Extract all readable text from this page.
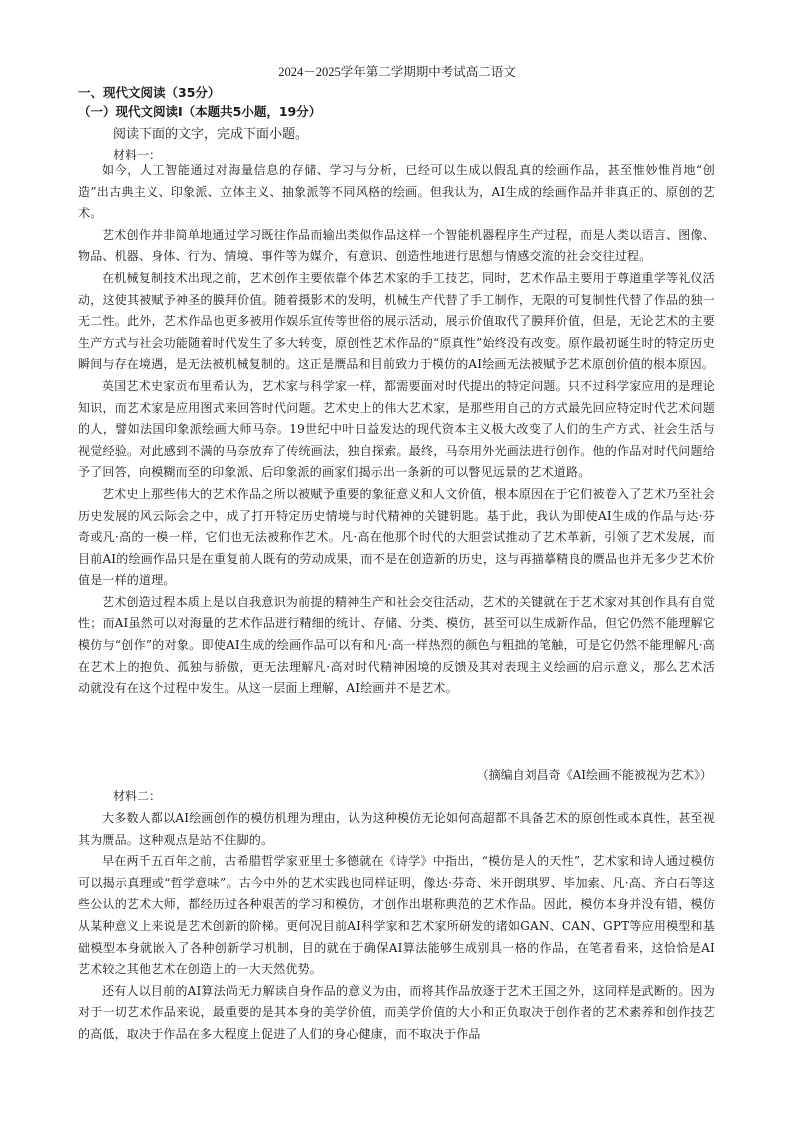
2024－2025学年第二学期期中考试高二语文
一、现代文阅读（35分）
（一）现代文阅读Ⅰ（本题共5小题，19分）
阅读下面的文字，完成下面小题。
材料一：

如今，人工智能通过对海量信息的存储、学习与分析，已经可以生成以假乱真的绘画作品，甚至惟妙惟肖地“创造”出古典主义、印象派、立体主义、抽象派等不同风格的绘画。但我认为，AI生成的绘画作品并非真正的、原创的艺术。

艺术创作并非简单地通过学习既往作品而输出类似作品这样一个智能机器程序生产过程，而是人类以语言、图像、物品、机器、身体、行为、情境、事件等为媒介，有意识、创造性地进行思想与情感交流的社会交往过程。

在机械复制技术出现之前，艺术创作主要依靠个体艺术家的手工技艺，同时，艺术作品主要用于尊道重学等礼仪活动，这使其被赋予神圣的膜拜价值。随着摄影术的发明，机械生产代替了手工制作，无限的可复制性代替了作品的独一无二性。此外，艺术作品也更多被用作娱乐宣传等世俗的展示活动，展示价值取代了膜拜价值，但是，无论艺术的主要生产方式与社会功能随着时代发生了多大转变，原创性艺术作品的“原真性”始终没有改变。原作最初诞生时的特定历史瞬间与存在境遇，是无法被机械复制的。这正是赝品和目前致力于模仿的AI绘画无法被赋予艺术原创价值的根本原因。

英国艺术史家贡布里希认为，艺术家与科学家一样，都需要面对时代提出的特定问题。只不过科学家应用的是理论知识，而艺术家是应用图式来回答时代问题。艺术史上的伟大艺术家，是那些用自己的方式最先回应特定时代艺术问题的人，譬如法国印象派绘画大师马奈。19世纪中叶日益发达的现代资本主义极大改变了人们的生产方式、社会生活与视觉经验。对此感到不满的马奈放弃了传统画法，独自探索。最终，马奈用外光画法进行创作。他的作品对时代问题给予了回答，向模糊而至的印象派、后印象派的画家们揭示出一条新的可以瞥见远景的艺术道路。

艺术史上那些伟大的艺术作品之所以被赋予重要的象征意义和人文价值，根本原因在于它们被卷入了艺术乃至社会历史发展的风云际会之中，成了打开特定历史情境与时代精神的关键钥匙。基于此，我认为即使AI生成的作品与达·芬奇或凡·高的一模一样，它们也无法被称作艺术。凡·高在他那个时代的大胆尝试推动了艺术革新，引领了艺术发展，而目前AI的绘画作品只是在重复前人既有的劳动成果，而不是在创造新的历史，这与再描摹精良的赝品也并无多少艺术价值是一样的道理。

艺术创造过程本质上是以自我意识为前提的精神生产和社会交往活动，艺术的关键就在于艺术家对其创作具有自觉性；而AI虽然可以对海量的艺术作品进行精细的统计、存储、分类、模仿，甚至可以生成新作品，但它仍然不能理解它模仿与“创作”的对象。即使AI生成的绘画作品可以有和凡·高一样热烈的颜色与粗拙的笔触，可是它仍然不能理解凡·高在艺术上的抱负、孤独与骄傲，更无法理解凡·高对时代精神困境的反馈及其对表现主义绘画的启示意义，那么艺术活动就没有在这个过程中发生。从这一层面上理解，AI绘画并不是艺术。

（摘编自刘昌奇《AI绘画不能被视为艺术》）
材料二：

大多数人都以AI绘画创作的模仿机理为理由，认为这种模仿无论如何高超都不具备艺术的原创性或本真性，甚至视其为赝品。这种观点是站不住脚的。

早在两千五百年之前，古希腊哲学家亚里士多德就在《诗学》中指出，“模仿是人的天性”，艺术家和诗人通过模仿可以揭示真理或“哲学意味”。古今中外的艺术实践也同样证明，像达·芬奇、米开朗琪罗、毕加索、凡·高、齐白石等这些公认的艺术大师，都经历过各种艰苦的学习和模仿，才创作出堪称典范的艺术作品。因此，模仿本身并没有错，模仿从某种意义上来说是艺术创新的阶梯。更何况目前AI科学家和艺术家所研发的诸如GAN、CAN、GPT等应用模型和基础模型本身就嵌入了各种创新学习机制，目的就在于确保AI算法能够生成别具一格的作品，在笔者看来，这恰恰是AI艺术较之其他艺术在创造上的一大天然优势。

还有人以目前的AI算法尚无力解读自身作品的意义为由，而将其作品放逐于艺术王国之外，这同样是武断的。因为对于一切艺术作品来说，最重要的是其本身的美学价值，而美学价值的大小和正负取决于创作者的艺术素养和创作技艺的高低，取决于作品在多大程度上促进了人们的身心健康，而不取决于作品
